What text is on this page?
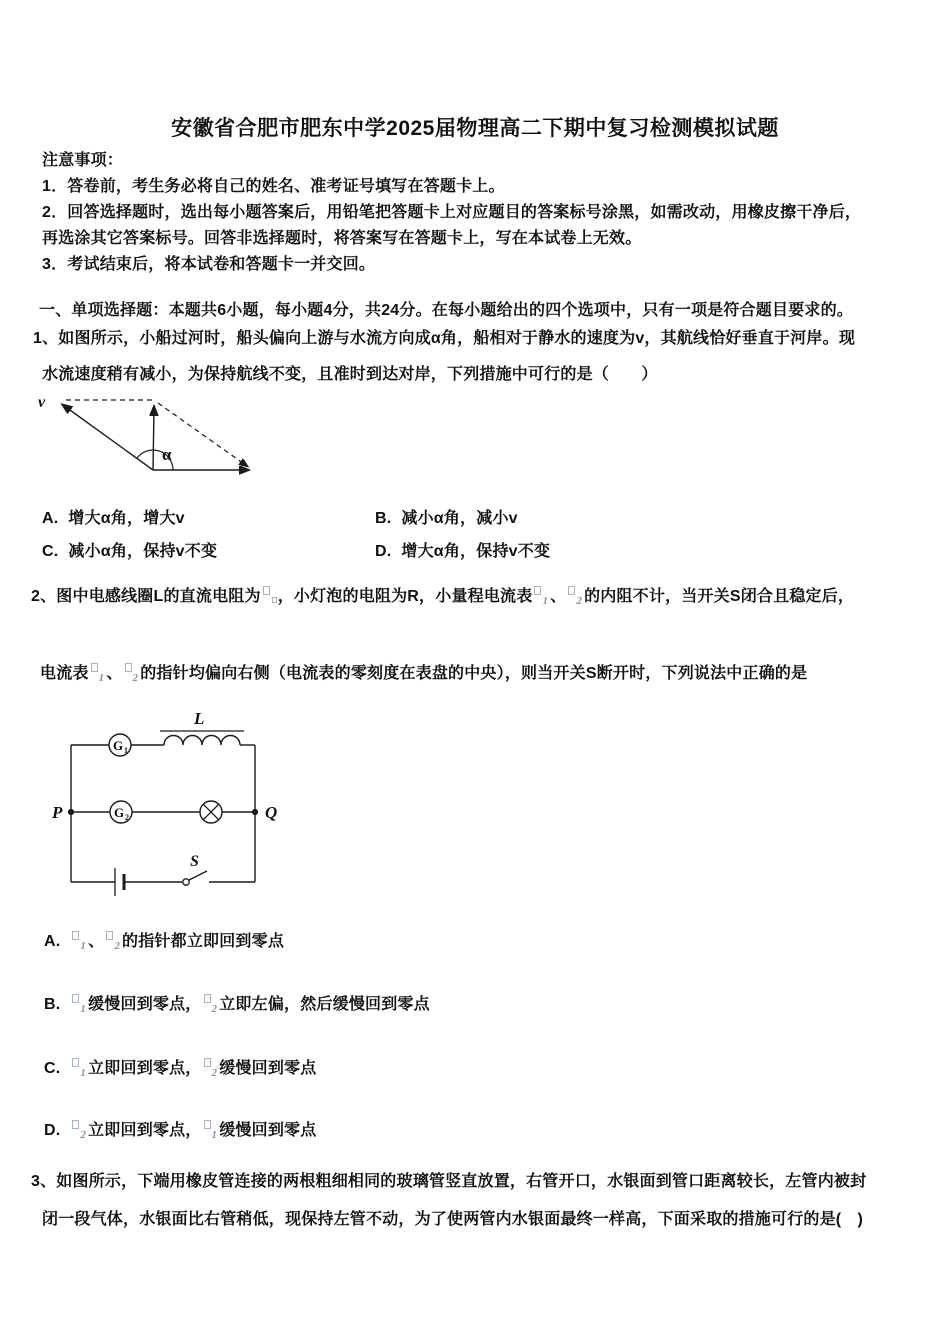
安徽省合肥市肥东中学2025届物理高二下期中复习检测模拟试题
注意事项：
1．答卷前，考生务必将自己的姓名、准考证号填写在答题卡上。
2．回答选择题时，选出每小题答案后，用铅笔把答题卡上对应题目的答案标号涂黑，如需改动，用橡皮擦干净后，
再选涂其它答案标号。回答非选择题时，将答案写在答题卡上，写在本试卷上无效。
3．考试结束后，将本试卷和答题卡一并交回。
一、单项选择题：本题共6小题，每小题4分，共24分。在每小题给出的四个选项中，只有一项是符合题目要求的。
1、如图所示，小船过河时，船头偏向上游与水流方向成α角，船相对于静水的速度为v，其航线恰好垂直于河岸。现
水流速度稍有减小，为保持航线不变，且准时到达对岸，下列措施中可行的是（　　）
v
α
A. 增大α角，增大v	B. 减小α角，减小v
C. 减小α角，保持v不变	D. 增大α角，保持v不变
2、图中电感线圈L的直流电阻为 ，小灯泡的电阻为R，小量程电流表 1 、 2 的内阻不计，当开关S闭合且稳定后，
电流表 1 、 2 的指针均偏向右侧（电流表的零刻度在表盘的中央），则当开关S断开时，下列说法中正确的是
G 1
L
P	G 2	Q
S
A. 1 、 2 的指针都立即回到零点
B. 1 缓慢回到零点， 2 立即左偏，然后缓慢回到零点
C. 1 立即回到零点， 2 缓慢回到零点
D. 2 立即回到零点， 1 缓慢回到零点
3、如图所示，下端用橡皮管连接的两根粗细相同的玻璃管竖直放置，右管开口，水银面到管口距离较长，左管内被封
闭一段气体，水银面比右管稍低，现保持左管不动，为了使两管内水银面最终一样高，下面采取的措施可行的是(　)
